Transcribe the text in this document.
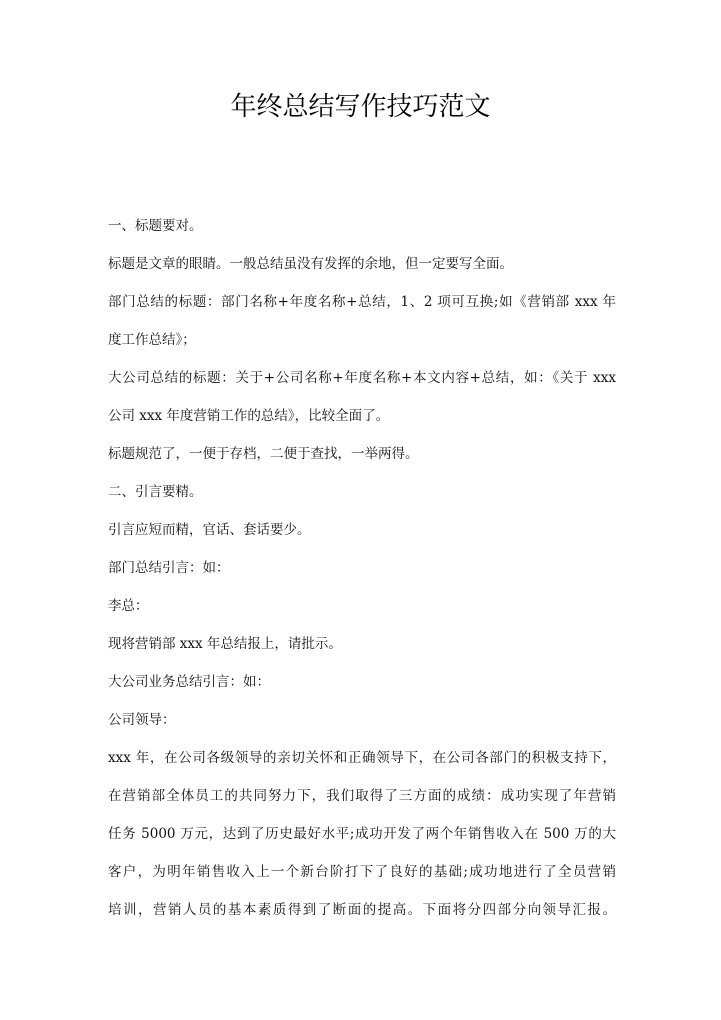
年终总结写作技巧范文
一、标题要对。
标题是文章的眼睛。一般总结虽没有发挥的余地，但一定要写全面。
部门总结的标题：部门名称+年度名称+总结，1、2 项可互换;如《营销部 xxx 年
度工作总结》；
大公司总结的标题：关于+公司名称+年度名称+本文内容+总结，如：《关于 xxx
公司 xxx 年度营销工作的总结》，比较全面了。
标题规范了，一便于存档，二便于查找，一举两得。
二、引言要精。
引言应短而精，官话、套话要少。
部门总结引言：如：
李总：
现将营销部 xxx 年总结报上，请批示。
大公司业务总结引言：如：
公司领导：
xxx 年，在公司各级领导的亲切关怀和正确领导下，在公司各部门的积极支持下，
在营销部全体员工的共同努力下，我们取得了三方面的成绩：成功实现了年营销
任务 5000 万元，达到了历史最好水平;成功开发了两个年销售收入在 500 万的大
客户，为明年销售收入上一个新台阶打下了良好的基础;成功地进行了全员营销
培训，营销人员的基本素质得到了断面的提高。下面将分四部分向领导汇报。
